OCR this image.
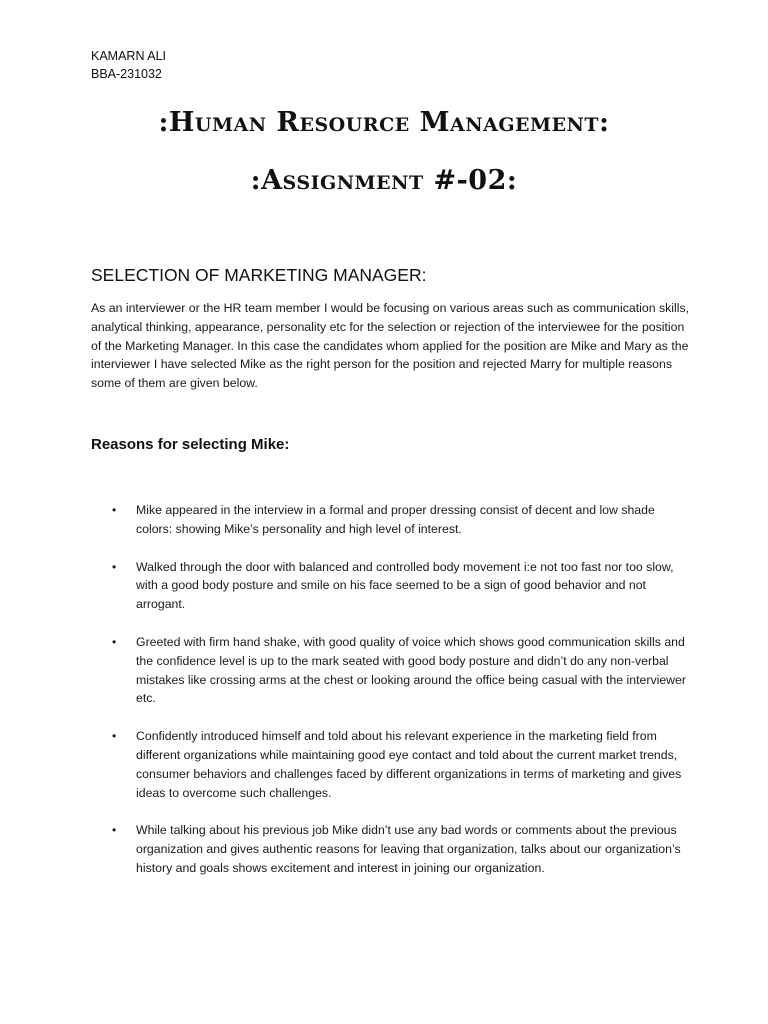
KAMARN ALI
BBA-231032
:Human Resource Management:
:Assignment #-02:
SELECTION OF MARKETING MANAGER:
As an interviewer or the HR team member I would be focusing on various areas such as communication skills, analytical thinking, appearance, personality etc for the selection or rejection of the interviewee for the position of the Marketing Manager. In this case the candidates whom applied for the position are Mike and Mary as the interviewer I have selected Mike as the right person for the position and rejected Marry for multiple reasons some of them are given below.
Reasons for selecting Mike:
• Mike appeared in the interview in a formal and proper dressing consist of decent and low shade colors: showing Mike’s personality and high level of interest.
• Walked through the door with balanced and controlled body movement i:e not too fast nor too slow, with a good body posture and smile on his face seemed to be a sign of good behavior and not arrogant.
• Greeted with firm hand shake, with good quality of voice which shows good communication skills and the confidence level is up to the mark seated with good body posture and didn’t do any non-verbal mistakes like crossing arms at the chest or looking around the office being casual with the interviewer etc.
• Confidently introduced himself and told about his relevant experience in the marketing field from different organizations while maintaining good eye contact and told about the current market trends, consumer behaviors and challenges faced by different organizations in terms of marketing and gives ideas to overcome such challenges.
• While talking about his previous job Mike didn’t use any bad words or comments about the previous organization and gives authentic reasons for leaving that organization, talks about our organization’s history and goals shows excitement and interest in joining our organization.
